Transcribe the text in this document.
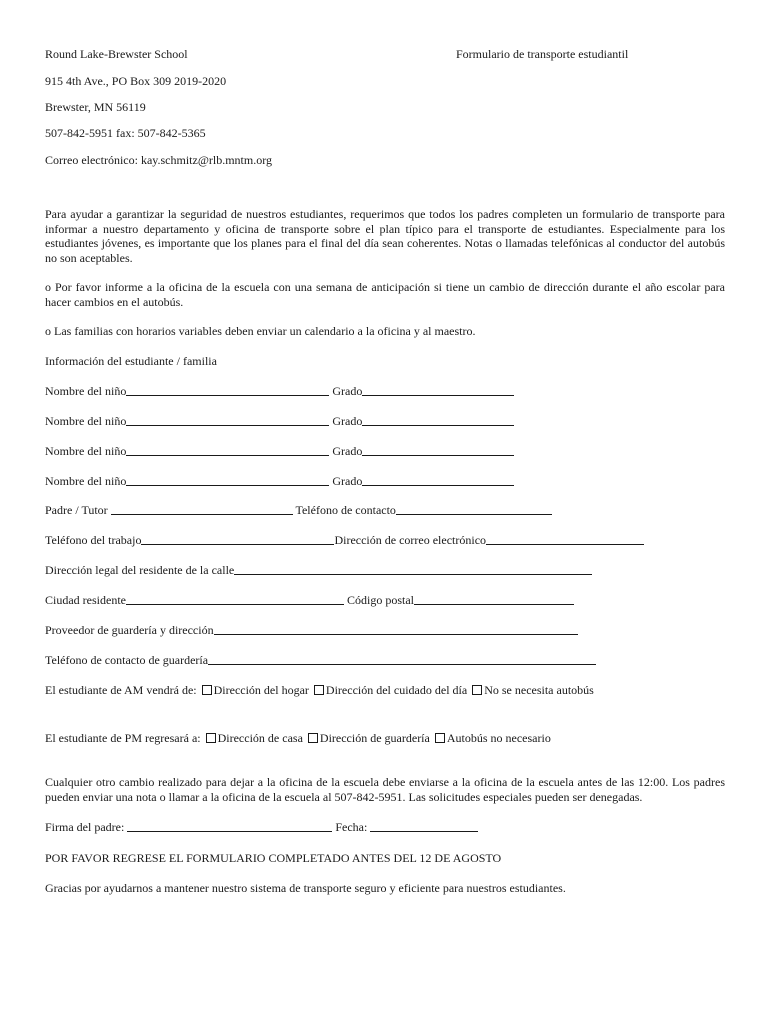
Round Lake-Brewster School	Formulario de transporte estudiantil
915 4th Ave., PO Box 309 2019-2020
Brewster, MN 56119
507-842-5951 fax: 507-842-5365
Correo electrónico: kay.schmitz@rlb.mntm.org
Para ayudar a garantizar la seguridad de nuestros estudiantes, requerimos que todos los padres completen un formulario de transporte para informar a nuestro departamento y oficina de transporte sobre el plan típico para el transporte de estudiantes. Especialmente para los estudiantes jóvenes, es importante que los planes para el final del día sean coherentes. Notas o llamadas telefónicas al conductor del autobús no son aceptables.
o Por favor informe a la oficina de la escuela con una semana de anticipación si tiene un cambio de dirección durante el año escolar para hacer cambios en el autobús.
o Las familias con horarios variables deben enviar un calendario a la oficina y al maestro.
Información del estudiante / familia
Nombre del niño	Grado
Nombre del niño	Grado
Nombre del niño	Grado
Nombre del niño	Grado
Padre / Tutor	Teléfono de contacto
Teléfono del trabajo	Dirección de correo electrónico
Dirección legal del residente de la calle
Ciudad residente	Código postal
Proveedor de guardería y dirección
Teléfono de contacto de guardería
El estudiante de AM vendrá de: Dirección del hogar Dirección del cuidado del día No se necesita autobús
El estudiante de PM regresará a: Dirección de casa Dirección de guardería Autobús no necesario
Cualquier otro cambio realizado para dejar a la oficina de la escuela debe enviarse a la oficina de la escuela antes de las 12:00. Los padres pueden enviar una nota o llamar a la oficina de la escuela al 507-842-5951. Las solicitudes especiales pueden ser denegadas.
Firma del padre:	Fecha:
POR FAVOR REGRESE EL FORMULARIO COMPLETADO ANTES DEL 12 DE AGOSTO
Gracias por ayudarnos a mantener nuestro sistema de transporte seguro y eficiente para nuestros estudiantes.
